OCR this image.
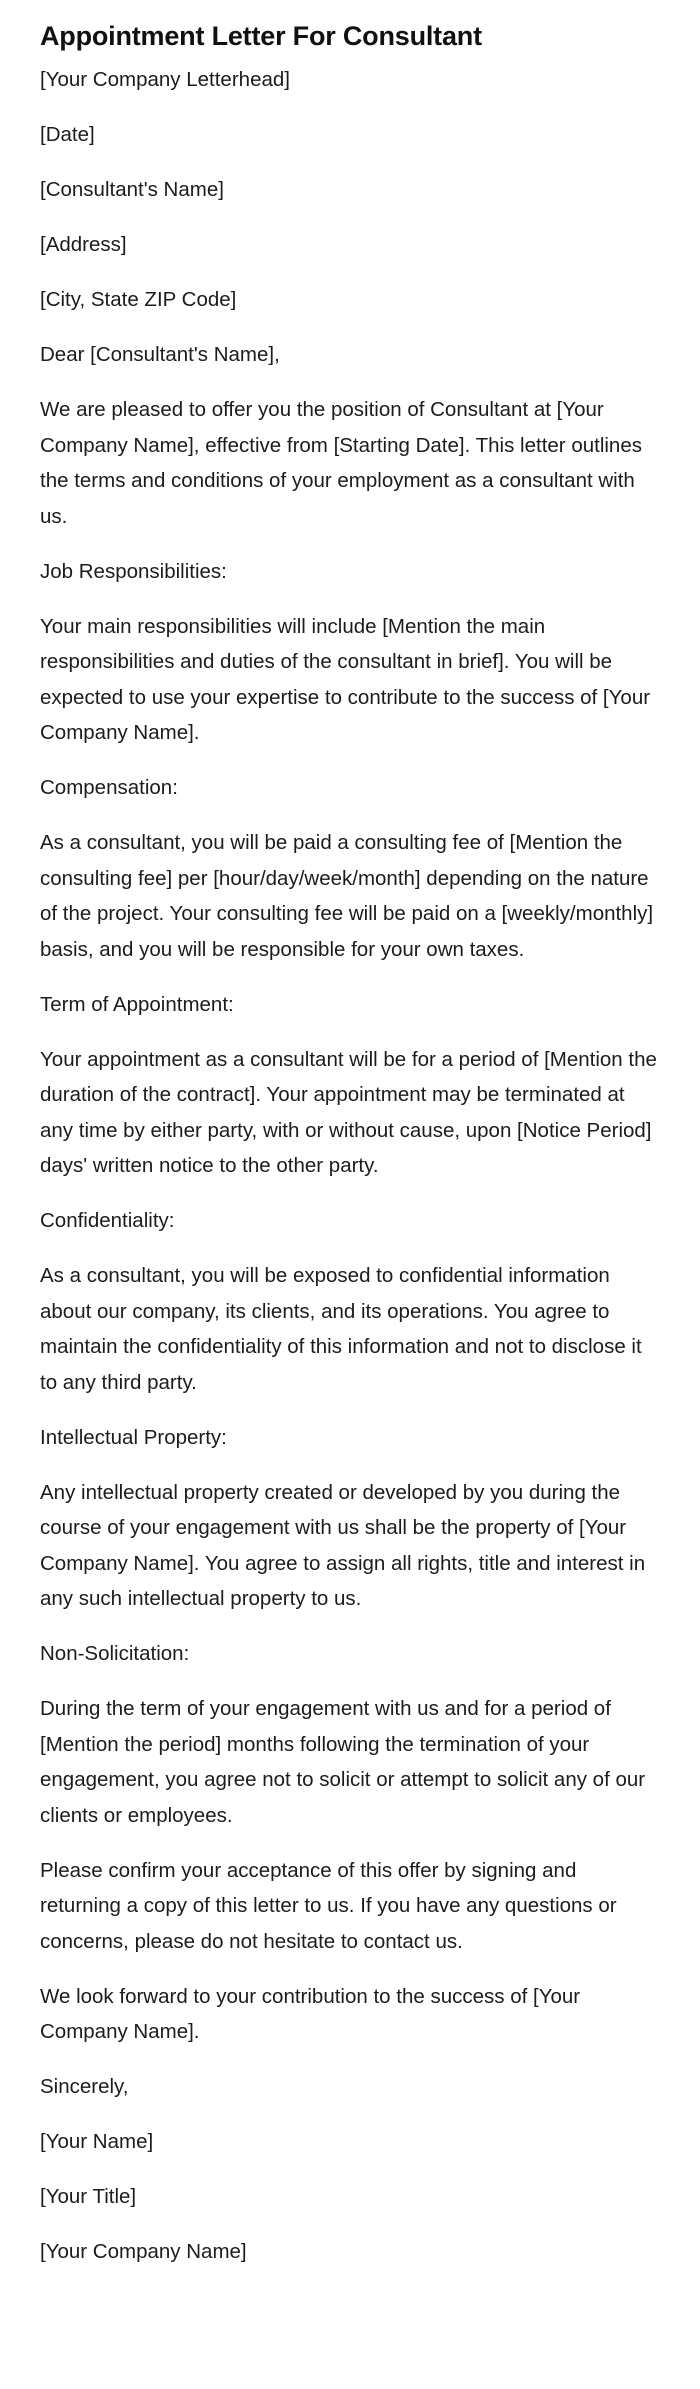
Appointment Letter For Consultant

[Your Company Letterhead]

[Date]

[Consultant's Name]

[Address]

[City, State ZIP Code]

Dear [Consultant's Name],

We are pleased to offer you the position of Consultant at [Your Company Name], effective from [Starting Date]. This letter outlines the terms and conditions of your employment as a consultant with us.

Job Responsibilities:

Your main responsibilities will include [Mention the main responsibilities and duties of the consultant in brief]. You will be expected to use your expertise to contribute to the success of [Your Company Name].

Compensation:

As a consultant, you will be paid a consulting fee of [Mention the consulting fee] per [hour/day/week/month] depending on the nature of the project. Your consulting fee will be paid on a [weekly/monthly] basis, and you will be responsible for your own taxes.

Term of Appointment:

Your appointment as a consultant will be for a period of [Mention the duration of the contract]. Your appointment may be terminated at any time by either party, with or without cause, upon [Notice Period] days' written notice to the other party.

Confidentiality:

As a consultant, you will be exposed to confidential information about our company, its clients, and its operations. You agree to maintain the confidentiality of this information and not to disclose it to any third party.

Intellectual Property:

Any intellectual property created or developed by you during the course of your engagement with us shall be the property of [Your Company Name]. You agree to assign all rights, title and interest in any such intellectual property to us.

Non-Solicitation:

During the term of your engagement with us and for a period of [Mention the period] months following the termination of your engagement, you agree not to solicit or attempt to solicit any of our clients or employees.

Please confirm your acceptance of this offer by signing and returning a copy of this letter to us. If you have any questions or concerns, please do not hesitate to contact us.

We look forward to your contribution to the success of [Your Company Name].

Sincerely,

[Your Name]

[Your Title]

[Your Company Name]
